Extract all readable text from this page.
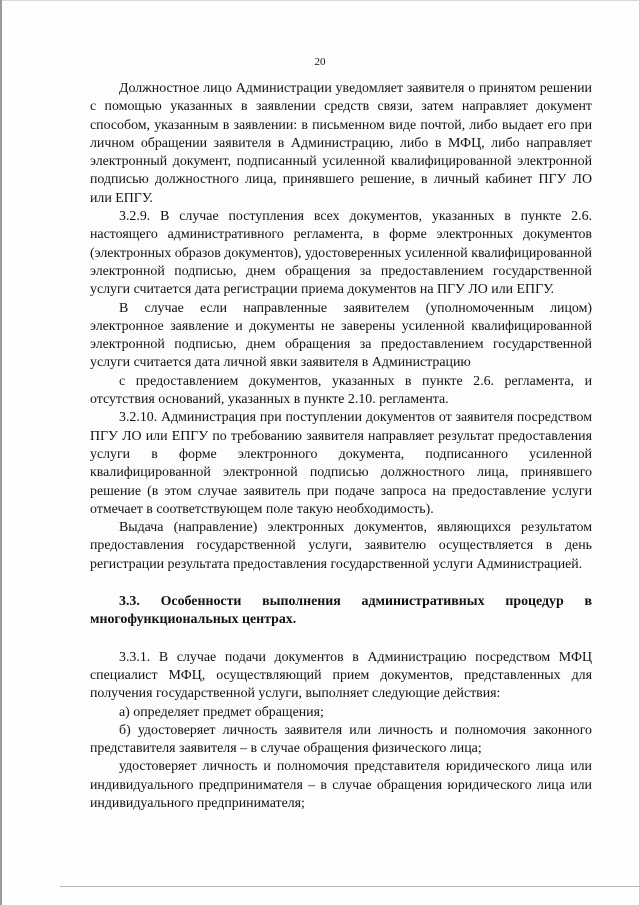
20

Должностное лицо Администрации уведомляет заявителя о принятом решении с помощью указанных в заявлении средств связи, затем направляет документ способом, указанным в заявлении: в письменном виде почтой, либо выдает его при личном обращении заявителя в Администрацию, либо в МФЦ, либо направляет электронный документ, подписанный усиленной квалифицированной электронной подписью должностного лица, принявшего решение, в личный кабинет ПГУ ЛО или ЕПГУ.

3.2.9. В случае поступления всех документов, указанных в пункте 2.6. настоящего административного регламента, в форме электронных документов (электронных образов документов), удостоверенных усиленной квалифицированной электронной подписью, днем обращения за предоставлением государственной услуги считается дата регистрации приема документов на ПГУ ЛО или ЕПГУ.

В случае если направленные заявителем (уполномоченным лицом) электронное заявление и документы не заверены усиленной квалифицированной электронной подписью, днем обращения за предоставлением государственной услуги считается дата личной явки заявителя в Администрацию

с предоставлением документов, указанных в пункте 2.6. регламента, и отсутствия оснований, указанных в пункте 2.10. регламента.

3.2.10. Администрация при поступлении документов от заявителя посредством ПГУ ЛО или ЕПГУ по требованию заявителя направляет результат предоставления услуги в форме электронного документа, подписанного усиленной квалифицированной электронной подписью должностного лица, принявшего решение (в этом случае заявитель при подаче запроса на предоставление услуги отмечает в соответствующем поле такую необходимость).

Выдача (направление) электронных документов, являющихся результатом предоставления государственной услуги, заявителю осуществляется в день регистрации результата предоставления государственной услуги Администрацией.

3.3. Особенности выполнения административных процедур в многофункциональных центрах.

3.3.1. В случае подачи документов в Администрацию посредством МФЦ специалист МФЦ, осуществляющий прием документов, представленных для получения государственной услуги, выполняет следующие действия:

а) определяет предмет обращения;

б) удостоверяет личность заявителя или личность и полномочия законного представителя заявителя – в случае обращения физического лица;

удостоверяет личность и полномочия представителя юридического лица или индивидуального предпринимателя – в случае обращения юридического лица или индивидуального предпринимателя;
